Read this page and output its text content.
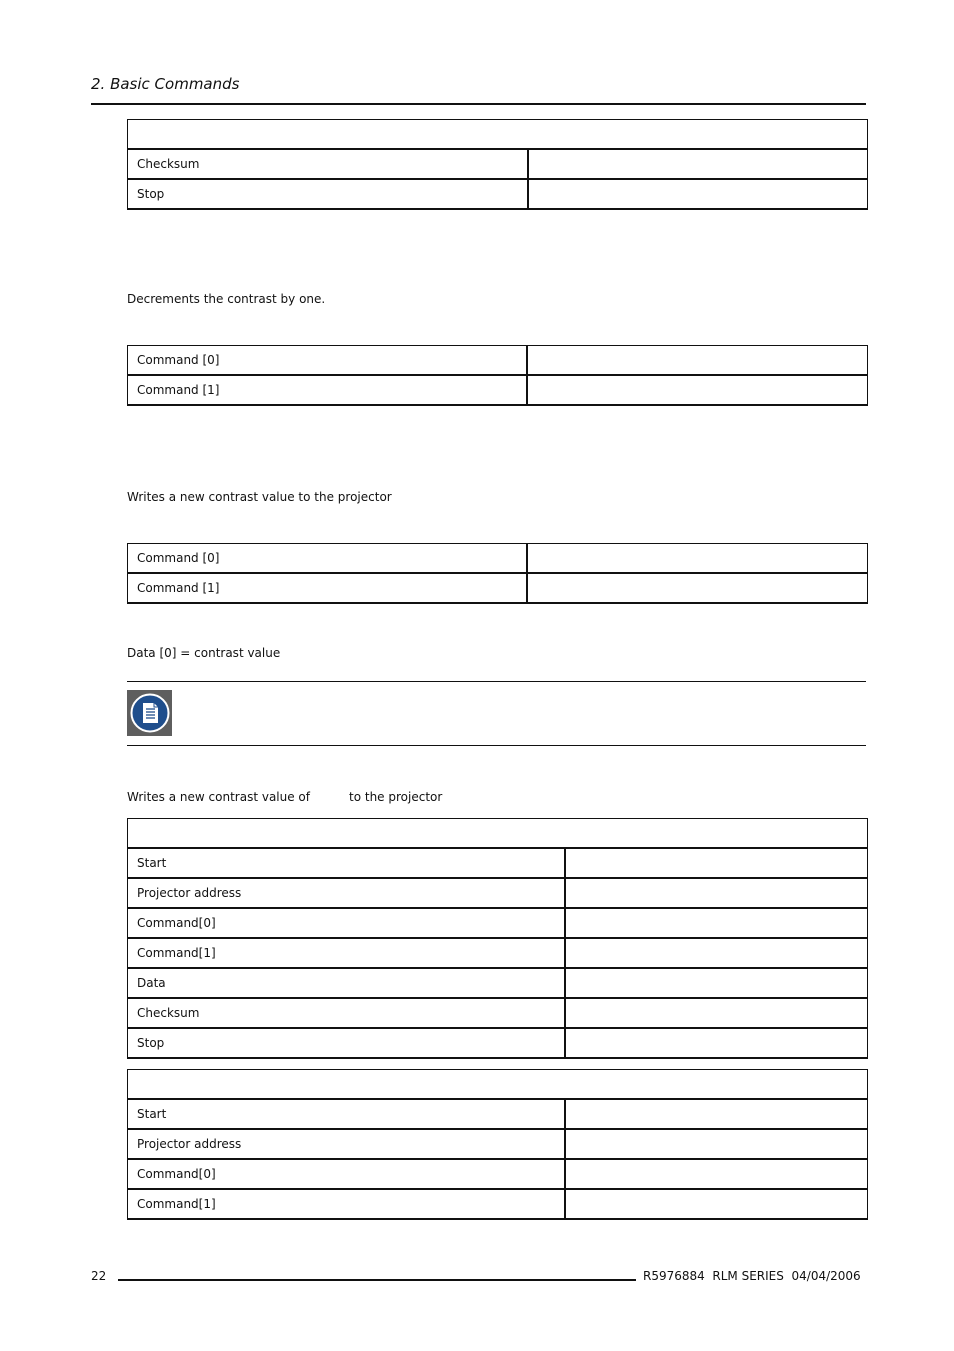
2. Basic Commands

Checksum	
Stop	
Decrements the contrast by one.
Command [0]	
Command [1]	
Writes a new contrast value to the projector
Command [0]	
Command [1]	
Data [0] = contrast value
Writes a new contrast value of	to the projector

Start	
Projector address	
Command[0]	
Command[1]	
Data	
Checksum	
Stop	

Start	
Projector address	
Command[0]	
Command[1]	
22	R5976884  RLM SERIES  04/04/2006
